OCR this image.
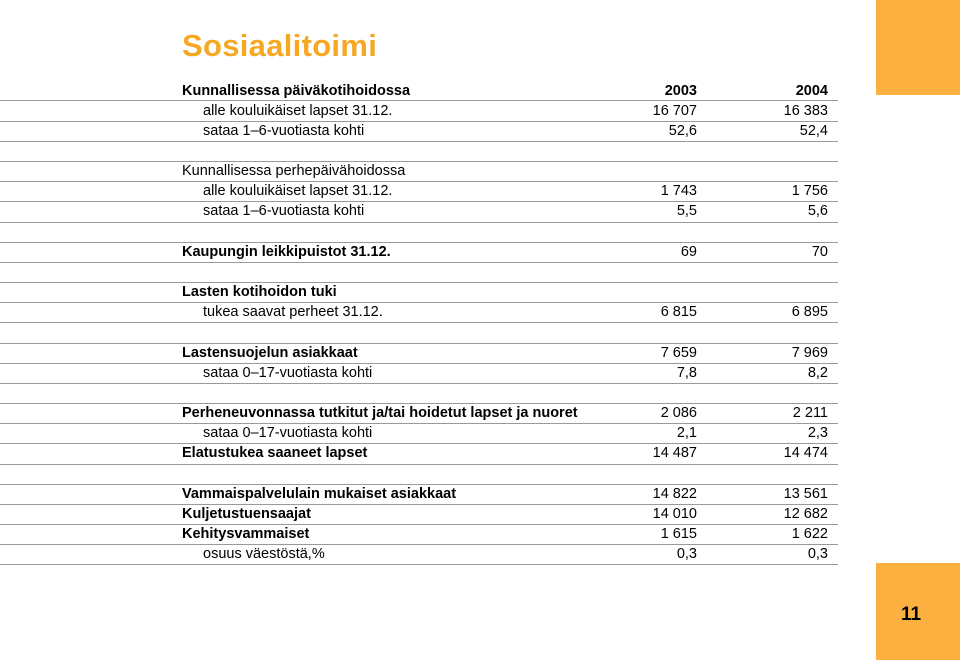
11
Sosiaalitoimi
Kunnallisessa päiväkotihoidossa	2003	2004
alle kouluikäiset lapset 31.12.	16 707	16 383
sataa 1–6-vuotiasta kohti	52,6	52,4
Kunnallisessa perhepäivähoidossa
alle kouluikäiset lapset 31.12.	1 743	1 756
sataa 1–6-vuotiasta kohti	5,5	5,6
Kaupungin leikkipuistot 31.12.	69	70
Lasten kotihoidon tuki
tukea saavat perheet 31.12.	6 815	6 895
Lastensuojelun asiakkaat	7 659	7 969
sataa 0–17-vuotiasta kohti	7,8	8,2
Perheneuvonnassa tutkitut ja/tai hoidetut lapset ja nuoret	2 086	2 211
sataa 0–17-vuotiasta kohti	2,1	2,3
Elatustukea saaneet lapset	14 487	14 474
Vammaispalvelulain mukaiset asiakkaat	14 822	13 561
Kuljetustuensaajat	14 010	12 682
Kehitysvammaiset	1 615	1 622
osuus väestöstä,%	0,3	0,3
